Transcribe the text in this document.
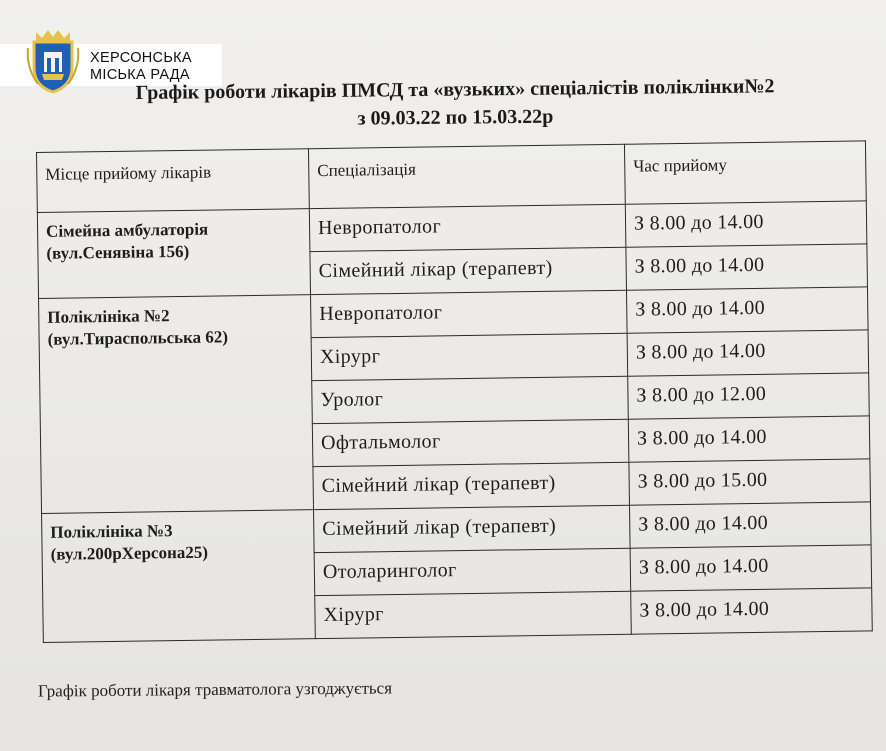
ХЕРСОНСЬКА
МІСЬКА РАДА
Графік роботи лікарів ПМСД та «вузьких» спеціалістів поліклінки№2
з 09.03.22 по 15.03.22р
Місце прийому лікарів	Спеціалізація	Час прийому

Сімейна амбулаторія
(вул.Сенявіна 156)	Невропатолог	З 8.00 до 14.00
	Сімейний лікар (терапевт)	З 8.00 до 14.00

Поліклініка №2
(вул.Тираспольська 62)	Невропатолог	З 8.00 до 14.00
	Хірург	З 8.00 до 14.00
	Уролог	З 8.00 до 12.00
	Офтальмолог	З 8.00 до 14.00
	Сімейний лікар (терапевт)	З 8.00 до 15.00

Поліклініка №3
(вул.200рХерсона25)	Сімейний лікар (терапевт)	З 8.00 до 14.00
	Отоларинголог	З 8.00 до 14.00
	Хірург	З 8.00 до 14.00
Графік роботи лікаря травматолога узгоджується
